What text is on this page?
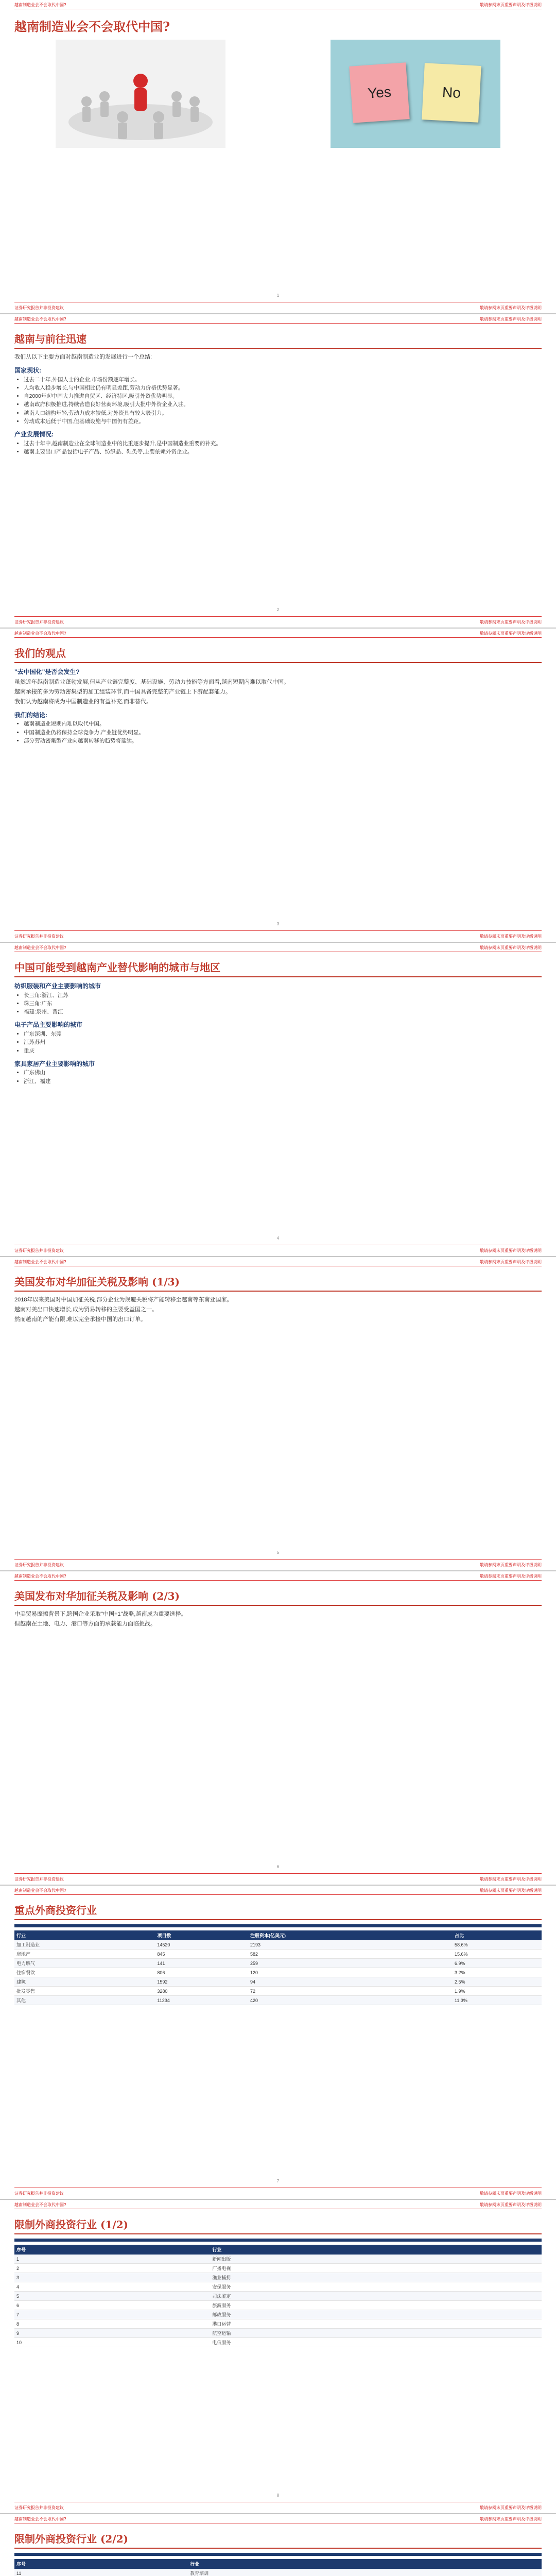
越南制造业会不会取代中国?	敬请参阅末页重要声明及评级说明
越南制造业会不会取代中国?
Yes	No
1
证券研究报告并非投资建议	敬请参阅末页重要声明及评级说明
越南制造业会不会取代中国?	敬请参阅末页重要声明及评级说明
越南与前往迅速

我们从以下主要方面对越南制造业的发展进行一个总结:

国家现状:
• 过去二十年,外国人士的企业,市场份额逐年增长。
• 人均收入稳步增长,与中国相比仍有明显差距,劳动力价格优势显著。
• 自2000年起中国大力推进自贸区、经济特区,吸引外资优势明显。
• 越南政府积极推进,持续营造良好营商环境,吸引大批中外资企业入驻。
• 越南人口结构年轻,劳动力成本较低,对外资具有较大吸引力。
• 劳动成本远低于中国,但基础设施与中国仍有差距。
产业发展情况:
• 过去十年中,越南制造业在全球制造业中的比重逐步提升,是中国制造业重要的补充。
• 越南主要出口产品包括电子产品、纺织品、鞋类等,主要依赖外资企业。
2
证券研究报告并非投资建议	敬请参阅末页重要声明及评级说明
越南制造业会不会取代中国?	敬请参阅末页重要声明及评级说明
我们的观点
"去中国化"是否会发生?

虽然近年越南制造业蓬勃发展,但从产业链完整度、基础设施、劳动力技能等方面看,越南短期内难以取代中国。

越南承接的多为劳动密集型的加工组装环节,而中国具备完整的产业链上下游配套能力。

我们认为越南将成为中国制造业的有益补充,而非替代。

我们的结论:
• 越南制造业短期内难以取代中国。
• 中国制造业仍将保持全球竞争力,产业链优势明显。
• 部分劳动密集型产业向越南转移的趋势将延续。
3
证券研究报告并非投资建议	敬请参阅末页重要声明及评级说明
越南制造业会不会取代中国?	敬请参阅末页重要声明及评级说明
中国可能受到越南产业替代影响的城市与地区
纺织服装和产业主要影响的城市
• 长三角:浙江、江苏
• 珠三角:广东
• 福建:泉州、晋江
电子产品主要影响的城市
• 广东深圳、东莞
• 江苏苏州
• 重庆
家具家居产业主要影响的城市
• 广东佛山
• 浙江、福建
4
证券研究报告并非投资建议	敬请参阅末页重要声明及评级说明
越南制造业会不会取代中国?	敬请参阅末页重要声明及评级说明
美国发布对华加征关税及影响 (1/3)

2018年以来美国对中国加征关税,部分企业为规避关税将产能转移至越南等东南亚国家。

越南对美出口快速增长,成为贸易转移的主要受益国之一。

然而越南的产能有限,难以完全承接中国的出口订单。

5
证券研究报告并非投资建议	敬请参阅末页重要声明及评级说明
越南制造业会不会取代中国?	敬请参阅末页重要声明及评级说明
美国发布对华加征关税及影响 (2/3)

中美贸易摩擦背景下,跨国企业采取"中国+1"战略,越南成为重要选择。

但越南在土地、电力、港口等方面的承载能力面临挑战。

6
证券研究报告并非投资建议	敬请参阅末页重要声明及评级说明
越南制造业会不会取代中国?	敬请参阅末页重要声明及评级说明
重点外商投资行业
行业	项目数	注册资本(亿美元)	占比
加工制造业	14520	2193	58.6%
房地产	845	582	15.6%
电力燃气	141	259	6.9%
住宿餐饮	806	120	3.2%
建筑	1592	94	2.5%
批发零售	3280	72	1.9%
其他	11234	420	11.3%
7
证券研究报告并非投资建议	敬请参阅末页重要声明及评级说明
越南制造业会不会取代中国?	敬请参阅末页重要声明及评级说明
限制外商投资行业 (1/2)
序号	行业
1	新闻出版
2	广播电视
3	渔业捕捞
4	安保服务
5	司法鉴定
6	旅游服务
7	邮政服务
8	港口运营
9	航空运输
10	电信服务
8
证券研究报告并非投资建议	敬请参阅末页重要声明及评级说明
越南制造业会不会取代中国?	敬请参阅末页重要声明及评级说明
限制外商投资行业 (2/2)
序号	行业
11	教育培训
